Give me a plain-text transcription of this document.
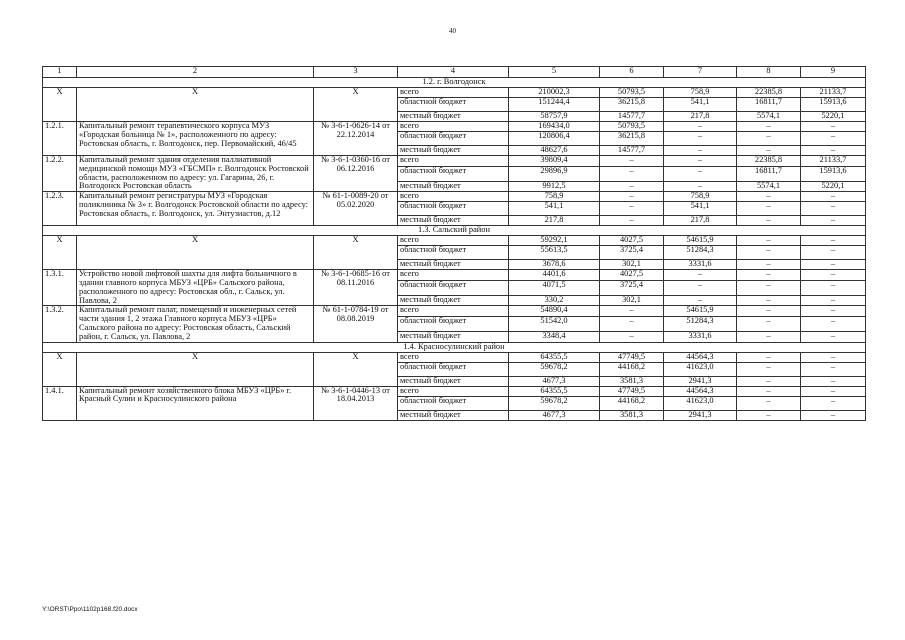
40
1	2	3	4	5	6	7	8	9
1.2. г. Волгодонск								
Х	Х	Х	всего	210002,3	50793,5	758,9	22385,8	21133,7
			областной бюджет	151244,4	36215,8	541,1	16811,7	15913,6
			местный бюджет	58757,9	14577,7	217,8	5574,1	5220,1
1.2.1.	Капитальный ремонт терапевтического корпуса МУЗ «Городская больница № 1», расположенного по адресу: Ростовская область, г. Волгодонск, пер. Первомайский, 46/45	№ 3-6-1-0626-14 от 22.12.2014	всего	169434,0	50793,5	–	–	–
			областной бюджет	120806,4	36215,8	–	–	–
			местный бюджет	48627,6	14577,7	–	–	–
1.2.2.	Капитальный ремонт здания отделения паллиативной медицинской помощи МУЗ «ГБСМП» г. Волгодонск Ростовской области, расположенном по адресу: ул. Гагарина, 26, г. Волгодонск Ростовская область	№ 3-6-1-0360-16 от 06.12.2016	всего	39809,4	–	–	22385,8	21133,7
			областной бюджет	29896,9	–	–	16811,7	15913,6
			местный бюджет	9912,5	–	–	5574,1	5220,1
1.2.3.	Капитальный ремонт регистратуры МУЗ «Городская поликлиника № 3» г. Волгодонск Ростовской области по адресу: Ростовская область, г. Волгодонск, ул. Энтузиастов, д.12	№ 61-1-0089-20 от 05.02.2020	всего	758,9	–	758,9	–	–
			областной бюджет	541,1	–	541,1	–	–
			местный бюджет	217,8	–	217,8	–	–
1.3. Сальский район								
Х	Х	Х	всего	59292,1	4027,5	54615,9	–	–
			областной бюджет	55613,5	3725,4	51284,3	–	–
			местный бюджет	3678,6	302,1	3331,6	–	–
1.3.1.	Устройство новой лифтовой шахты для лифта больничного в здании главного корпуса МБУЗ «ЦРБ» Сальского района, расположенного по адресу: Ростовская обл., г. Сальск, ул. Павлова, 2	№ 3-6-1-0685-16 от 08.11.2016	всего	4401,6	4027,5	–	–	–
			областной бюджет	4071,5	3725,4	–	–	–
			местный бюджет	330,2	302,1	–	–	–
1.3.2.	Капитальный ремонт палат, помещений и инженерных сетей части здания 1, 2 этажа Главного корпуса МБУЗ «ЦРБ» Сальского района по адресу: Ростовская область, Сальский район, г. Сальск, ул. Павлова, 2	№ 61-1-0784-19 от 08.08.2019	всего	54890,4	–	54615,9	–	–
			областной бюджет	51542,0	–	51284,3	–	–
			местный бюджет	3348,4	–	3331,6	–	–
1.4. Красносулинский район								
Х	Х	Х	всего	64355,5	47749,5	44564,3	–	–
			областной бюджет	59678,2	44168,2	41623,0	–	–
			местный бюджет	4677,3	3581,3	2941,3	–	–
1.4.1.	Капитальный ремонт хозяйственного блока МБУЗ «ЦРБ» г. Красный Сулин и Красносулинского района	№ 3-6-1-0446-13 от 18.04.2013	всего	64355,5	47749,5	44564,3	–	–
			областной бюджет	59678,2	44168,2	41623,0	–	–
			местный бюджет	4677,3	3581,3	2941,3	–	–
Y:\ORST\Ppo\1102p168.f20.docx
